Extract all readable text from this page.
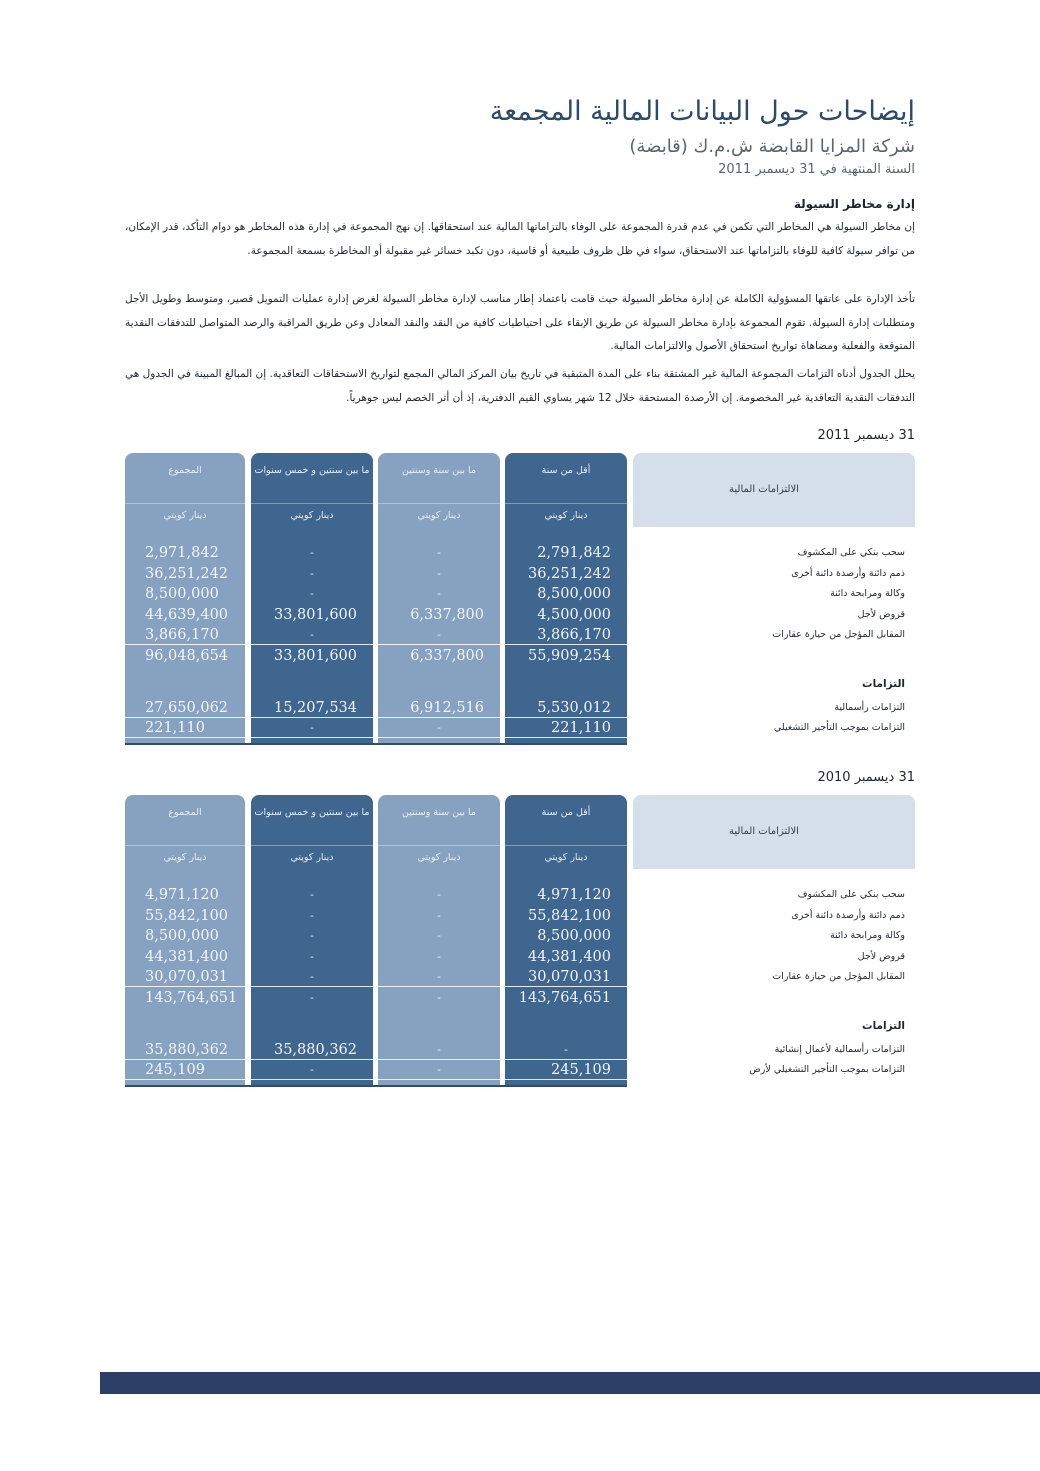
إيضاحات حول البيانات المالية المجمعة
شركة المزايا القابضة ش.م.ك (قابضة)
السنة المنتهية في 31 ديسمبر 2011
إدارة مخاطر السيولة
إن مخاطر السيولة هي المخاطر التي تكمن في عدم قدرة المجموعة على الوفاء بالتزاماتها المالية عند استحقاقها. إن نهج المجموعة في إدارة هذه المخاطر هو دوام التأكد، قدر الإمكان، من توافر سيولة كافية للوفاء بالتزاماتها عند الاستحقاق، سواء في ظل ظروف طبيعية أو قاسية، دون تكبد خسائر غير مقبولة أو المخاطرة بسمعة المجموعة.
تأخذ الإدارة على عاتقها المسؤولية الكاملة عن إدارة مخاطر السيولة حيث قامت باعتماد إطار مناسب لإدارة مخاطر السيولة لغرض إدارة عمليات التمويل قصير، ومتوسط وطويل الأجل ومتطلبات إدارة السيولة. تقوم المجموعة بإدارة مخاطر السيولة عن طريق الإبقاء على احتياطيات كافية من النقد والنقد المعادل وعن طريق المراقبة والرصد المتواصل للتدفقات النقدية المتوقعة والفعلية ومضاهاة تواريخ استحقاق الأصول والالتزامات المالية.
يحلل الجدول أدناه التزامات المجموعة المالية غير المشتقة بناء على المدة المتبقية في تاريخ بيان المركز المالي المجمع لتواريخ الاستحقاقات التعاقدية. إن المبالغ المبينة في الجدول هي التدفقات النقدية التعاقدية غير المخصومة. إن الأرصدة المستحقة خلال 12 شهر يساوي القيم الدفترية، إذ أن أثر الخصم ليس جوهرياً.
31 ديسمبر 2011
المجموع
دينار كويتي
2,971,842
36,251,242
8,500,000
44,639,400
3,866,170
96,048,654
27,650,062
221,110
ما بين سنتين و خمس سنوات
دينار كويتي
-
-
-
33,801,600
-
33,801,600
15,207,534
-
ما بين سنة وسنتين
دينار كويتي
-
-
-
6,337,800
-
6,337,800
6,912,516
-
أقل من سنة
دينار كويتي
2,791,842
36,251,242
8,500,000
4,500,000
3,866,170
55,909,254
5,530,012
221,110
الالتزامات المالية
سحب بنكي على المكشوف
ذمم دائنة وأرصدة دائنة أخرى
وكالة ومرابحة دائنة
قروض لأجل
المقابل المؤجل من حيازة عقارات
التزامات
التزامات رأسمالية
التزامات بموجب التأجير التشغيلي
31 ديسمبر 2010
المجموع
دينار كويتي
4,971,120
55,842,100
8,500,000
44,381,400
30,070,031
143,764,651
35,880,362
245,109
ما بين سنتين و خمس سنوات
دينار كويتي
-
-
-
-
-
-
35,880,362
-
ما بين سنة وسنتين
دينار كويتي
-
-
-
-
-
-
-
-
أقل من سنة
دينار كويتي
4,971,120
55,842,100
8,500,000
44,381,400
30,070,031
143,764,651
-
245,109
الالتزامات المالية
سحب بنكي على المكشوف
ذمم دائنة وأرصدة دائنة أخرى
وكالة ومرابحة دائنة
قروض لأجل
المقابل المؤجل من حيازة عقارات
التزامات
التزامات رأسمالية لأعمال إنشائية
التزامات بموجب التأجير التشغيلي لأرض
